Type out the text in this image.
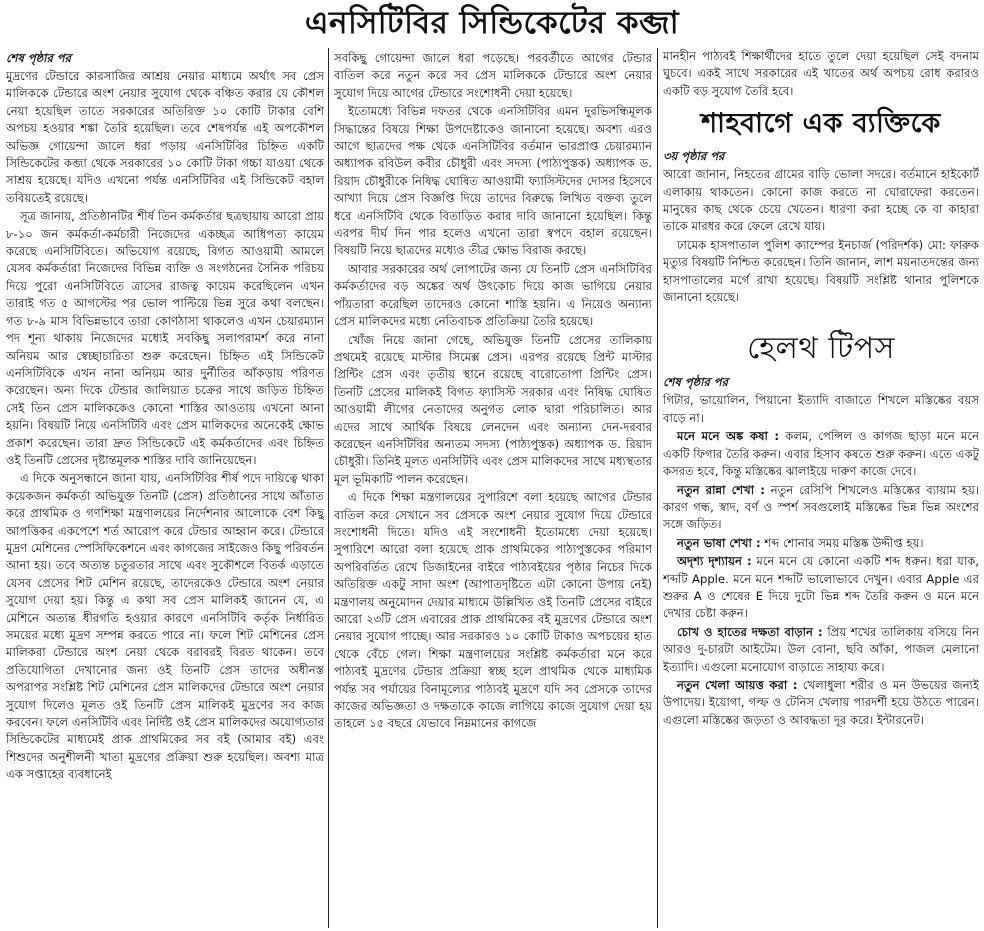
এনসিটিবির সিন্ডিকেটের কব্জা
শেষ পৃষ্ঠার পর

মুদ্রণের টেন্ডারে কারসাজির আশ্রয় নেয়ার মাধ্যমে অর্থাৎ সব প্রেস মালিককে টেন্ডারে অংশ নেয়ার সুযোগ থেকে বঞ্চিত করার যে কৌশল নেয়া হয়েছিল তাতে সরকারের অতিরিক্ত ১০ কোটি টাকার বেশি অপচয় হওয়ার শঙ্কা তৈরি হয়েছিল। তবে শেষপর্যন্ত এই অপকৌশল অভিজ্ঞ গোয়েন্দা জালে ধরা পড়ায় এনসিটিবির চিহ্নিত একটি সিন্ডিকেটের কব্জা থেকে সরকারের ১০ কোটি টাকা গচ্চা যাওয়া থেকে সাশ্রয় হয়েছে। যদিও এখনো পর্যন্ত এনসিটিবির এই সিন্ডিকেট বহাল তবিয়তেই রয়েছে।

সূত্র জানায়, প্রতিষ্ঠানটির শীর্ষ তিন কর্মকর্তার ছত্রছায়ায় আরো প্রায় ৮-১০ জন কর্মকর্তা-কর্মচারী নিজেদের একচ্ছত্র আধিপত্য কায়েম করেছে এনসিটিবিতে। অভিযোগ রয়েছে, বিগত আওয়ামী আমলে যেসব কর্মকর্তারা নিজেদের বিভিন্ন ব্যক্তি ও সংগঠনের সৈনিক পরিচয় দিয়ে পুরো এনসিটিবিতে ত্রাসের রাজত্ব কায়েম করেছিলেন এখন তারাই গত ৫ আগস্টের পর ভোল পাল্টিয়ে ভিন্ন সুরে কথা বলছেন। গত ৮-৯ মাস বিভিন্নভাবে তারা কোণঠাসা থাকলেও এখন চেয়ারম্যান পদ শূন্য থাকায় নিজেদের মধ্যেই সবকিছু সলাপরামর্শ করে নানা অনিয়ম আর স্বেচ্ছাচারিতা শুরু করেছেন। চিহ্নিত এই সিন্ডিকেট এনসিটিবিকে এখন নানা অনিয়ম আর দুর্নীতির আঁকড়ায় পরিণত করেছেন। অন্য দিকে টেন্ডার জালিয়াত চক্রের সাথে জড়িত চিহ্নিত সেই তিন প্রেস মালিককেও কোনো শাস্তির আওতায় এখনো আনা হয়নি। বিষয়টি নিয়ে এনসিটিবি এবং প্রেস মালিকদের অনেকেই ক্ষোভ প্রকাশ করেছেন। তারা দ্রুত সিন্ডিকেটে এই কর্মকর্তাদের এবং চিহ্নিত ওই তিনটি প্রেসের দৃষ্টান্তমূলক শাস্তির দাবি জানিয়েছেন।

এ দিকে অনুসন্ধানে জানা যায়, এনসিটিবির শীর্ষ পদে দায়িত্বে থাকা কয়েকজন কর্মকর্তা অভিযুক্ত তিনটি (প্রেস) প্রতিষ্ঠানের সাথে আঁতাত করে প্রাথমিক ও গণশিক্ষা মন্ত্রণালয়ের নির্দেশনার আলোকে বেশ কিছু আপত্তিকর একপেশে শর্ত আরোপ করে টেন্ডার আহ্বান করে। টেন্ডারে মুদ্রণ মেশিনের স্পেসিফিকেশনে এবং কাগজের সাইজেও কিছু পরিবর্তন আনা হয়। তবে অত্যন্ত চতুরতার সাথে এবং সুকৌশলে বিতর্ক এড়াতে যেসব প্রেসের শিট মেশিন রয়েছে, তাদেরকেও টেন্ডারে অংশ নেয়ার সুযোগ দেয়া হয়। কিন্তু এ কথা সব প্রেস মালিকই জানেন যে, এ মেশিনে অত্যন্ত ধীরগতি হওয়ার কারণে এনসিটিবি কর্তৃক নির্ধারিত সময়ের মধ্যে মুদ্রণ সম্পন্ন করতে পারে না। ফলে শিট মেশিনের প্রেস মালিকরা টেন্ডারে অংশ নেয়া থেকে বরাবরই বিরত থাকেন। তবে প্রতিযোগিতা দেখানোর জন্য ওই তিনটি প্রেস তাদের অধীনস্ত অপরাপর সংশ্লিষ্ট শিট মেশিনের প্রেস মালিকদের টেন্ডারে অংশ নেয়ার সুযোগ দিলেও মূলত ওই তিনটি প্রেস মালিকই মুদ্রণের সব কাজ করবেন। ফলে এনসিটিবি এবং নির্দিষ্ট ওই প্রেস মালিকদের অযোগ্যতার সিন্ডিকেটের মাধ্যমেই প্রাক প্রাথমিকের সব বই (আমার বই) এবং শিশুদের অনুশীলনী খাতা মুদ্রণের প্রক্রিয়া শুরু হয়েছিল। অবশ্য মাত্র এক সপ্তাহের ব্যবধানেই

সবকিছু গোয়েন্দা জালে ধরা পড়েছে। পরবর্তীতে আগের টেন্ডার বাতিল করে নতুন করে সব প্রেস মালিককে টেন্ডারে অংশ নেয়ার সুযোগ দিয়ে আগের টেন্ডারে সংশোধনী দেয়া হয়েছে।

ইতোমধ্যে বিভিন্ন দফতর থেকে এনসিটিবির এমন দুরভিসন্ধিমূলক সিদ্ধান্তের বিষয়ে শিক্ষা উপদেষ্টাকেও জানানো হয়েছে। অবশ্য এরও আগে ছাত্রদের পক্ষ থেকে এনসিটিবির বর্তমান ভারপ্রাপ্ত চেয়ারম্যান অধ্যাপক রবিউল কবীর চৌধুরী এবং সদস্য (পাঠ্যপুস্তক) অধ্যাপক ড. রিয়াদ চৌধুরীকে নিষিদ্ধ ঘোষিত আওয়ামী ফ্যাসিস্টদের দোসর হিসেবে আখ্যা দিয়ে প্রেস বিজ্ঞপ্তি দিয়ে তাদের বিরুদ্ধে লিখিত বক্তব্য তুলে ধরে এনসিটিবি থেকে বিতাড়িত করার দাবি জানানো হয়েছিল। কিন্তু এরপর দীর্ঘ দিন পার হলেও এখনো তারা স্বপদে বহাল রয়েছেন। বিষয়টি নিয়ে ছাত্রদের মধ্যেও তীব্র ক্ষোভ বিরাজ করছে।

আবার সরকারের অর্থ লোপাটের জন্য যে তিনটি প্রেস এনসিটিবির কর্মকর্তাদের বড় অঙ্কের অর্থ উৎকোচ দিয়ে কাজ ভাগিয়ে নেয়ার পাঁয়তারা করেছিল তাদেরও কোনো শাস্তি হয়নি। এ নিয়েও অন্যান্য প্রেস মালিকদের মধ্যে নেতিবাচক প্রতিক্রিয়া তৈরি হয়েছে।

খোঁজ নিয়ে জানা গেছে, অভিযুক্ত তিনটি প্রেসের তালিকায় প্রথমেই রয়েছে মাস্টার সিমেক্স প্রেস। এরপর রয়েছে প্রিন্ট মাস্টার প্রিন্টিং প্রেস এবং তৃতীয় স্থানে রয়েছে বারোতোপা প্রিন্টিং প্রেস। তিনটি প্রেসের মালিকই বিগত ফ্যাসিস্ট সরকার এবং নিষিদ্ধ ঘোষিত আওয়ামী লীগের নেতাদের অনুগত লোক দ্বারা পরিচালিত। আর এদের সাথে আর্থিক বিষয়ে লেনদেন এবং অন্যান্য দেন-দরবার করেছেন এনসিটিবির অন্যতম সদস্য (পাঠ্যপুস্তক) অধ্যাপক ড. রিয়াদ চৌধুরী। তিনিই মূলত এনসিটিবি এবং প্রেস মালিকদের সাথে মধ্যস্থতার মূল ভূমিকাটি পালন করেছেন।

এ দিকে শিক্ষা মন্ত্রণালয়ের সুপারিশে বলা হয়েছে আগের টেন্ডার বাতিল করে সেখানে সব প্রেসকে অংশ নেয়ার সুযোগ দিয়ে টেন্ডারে সংশোধনী দিতে। যদিও এই সংশোধনী ইতোমধ্যে দেয়া হয়েছে। সুপারিশে আরো বলা হয়েছে প্রাক প্রাথমিকের পাঠ্যপুস্তকের পরিমাণ অপরিবর্তিত রেখে ডিজাইনের বাইরে পাঠ্যবইয়ের পৃষ্ঠার নিচের দিকে অতিরিক্ত একটু সাদা অংশ (আপাতদৃষ্টিতে এটা কোনো উপায় নেই) মন্ত্রণালয় অনুমোদন দেয়ার মাধ্যমে উল্লিখিত ওই তিনটি প্রেসের বাইরে আরো ২৩টি প্রেস এবারের প্রাক প্রাথমিকের বই মুদ্রণের টেন্ডারে অংশ নেয়ার সুযোগ পাচ্ছে। আর সরকারও ১০ কোটি টাকাও অপচয়ের হাত থেকে বেঁচে গেল। শিক্ষা মন্ত্রণালয়ের সংশ্লিষ্ট কর্মকর্তারা মনে করে পাঠ্যবই মুদ্রণের টেন্ডার প্রক্রিয়া স্বচ্ছ হলে প্রাথমিক থেকে মাধ্যমিক পর্যন্ত সব পর্যায়ের বিনামূল্যের পাঠ্যবই মুদ্রণে যদি সব প্রেসকে তাদের কাজের অভিজ্ঞতা ও দক্ষতাকে কাজে লাগিয়ে কাজে সুযোগ দেয়া হয় তাহলে ১৫ বছরে যেভাবে নিম্নমানের কাগজে

মানহীন পাঠ্যবই শিক্ষার্থীদের হাতে তুলে দেয়া হয়েছিল সেই বদনাম ঘুচবে। একই সাথে সরকারের এই খাতের অর্থ অপচয় রোধ করারও একটি বড় সুযোগ তৈরি হবে।

শাহবাগে এক ব্যক্তিকে
৩য় পৃষ্ঠার পর

আরো জানান, নিহতের গ্রামের বাড়ি ভোলা সদরে। বর্তমানে হাইকোর্ট এলাকায় থাকতেন। কোনো কাজ করতে না ঘোরাফেরা করতেন। মানুষের কাছ থেকে চেয়ে খেতেন। ধারণা করা হচ্ছে কে বা কাহারা তাকে মারধর করে ফেলে রেখে যায়।

ঢামেক হাসপাতাল পুলিশ ক্যাম্পের ইনচার্জ (পরিদর্শক) মো: ফারুক মৃত্যুর বিষয়টি নিশ্চিত করেছেন। তিনি জানান, লাশ ময়নাতদন্তের জন্য হাসপাতালের মর্গে রাখা হয়েছে। বিষয়টি সংশ্লিষ্ট থানার পুলিশকে জানানো হয়েছে।

হেলথ টিপস
শেষ পৃষ্ঠার পর

গিটার, ভায়োলিন, পিয়ানো ইত্যাদি বাজাতে শিখলে মস্তিষ্কের বয়স বাড়ে না।

মনে মনে অঙ্ক কষা : কলম, পেন্সিল ও কাগজ ছাড়া মনে মনে একটি ফিগার তৈরি করুন। এবার হিসাব কষতে শুরু করুন। এতে একটু কসরত হবে, কিন্তু মস্তিষ্কের ঝালাইয়ে দারুণ কাজে দেবে।

নতুন রান্না শেখা : নতুন রেসিপি শিখলেও মস্তিষ্কের ব্যায়াম হয়। কারণ গন্ধ, স্বাদ, বর্ণ ও স্পর্শ সবগুলোই মস্তিষ্কের ভিন্ন ভিন্ন অংশের সঙ্গে জড়িত।

নতুন ভাষা শেখা : শব্দ শোনার সময় মস্তিষ্ক উদ্দীপ্ত হয়।

অদৃশ্য দৃশ্যায়ন : মনে মনে যে কোনো একটি শব্দ ধরুন। ধরা যাক, শব্দটি Apple. মনে মনে শব্দটি ভালোভাবে দেখুন। এবার Apple এর শুরুর A ও শেষের E দিয়ে দুটো ভিন্ন শব্দ তৈরি করুন ও মনে মনে দেখার চেষ্টা করুন।

চোখ ও হাতের দক্ষতা বাড়ান : প্রিয় শখের তালিকায় বসিয়ে নিন আরও দু-চারটা আইটেম। উল বোনা, ছবি আঁকা, পাজল মেলানো ইত্যাদি। এগুলো মনোযোগ বাড়াতে সাহায্য করে।

নতুন খেলা আয়ত্ত করা : খেলাধুলা শরীর ও মন উভয়ের জন্যই উপাদেয়। ইয়োগা, গল্ফ ও টেনিস খেলায় পারদর্শী হয়ে উঠতে পারেন। এগুলো মস্তিষ্কের জড়তা ও আবদ্ধতা দূর করে। ইন্টারনেট।
